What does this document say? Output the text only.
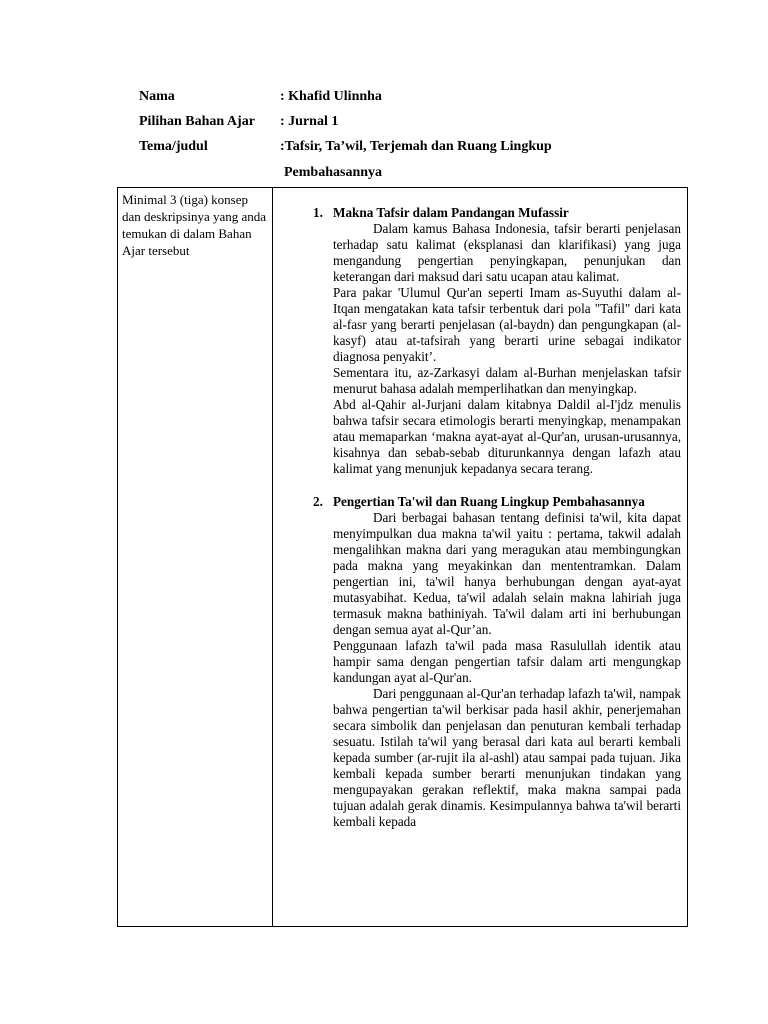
Nama	: Khafid Ulinnha
Pilihan Bahan Ajar : Jurnal 1
Tema/judul	:Tafsir, Ta’wil, Terjemah dan Ruang Lingkup
Pembahasannya
Minimal 3 (tiga) konsep dan deskripsinya yang anda temukan di dalam Bahan Ajar tersebut
1. Makna Tafsir dalam Pandangan Mufassir

Dalam kamus Bahasa Indonesia, tafsir berarti penjelasan terhadap satu kalimat (eksplanasi dan klarifikasi) yang juga mengandung pengertian penyingkapan, penunjukan dan keterangan dari maksud dari satu ucapan atau kalimat.

Para pakar 'Ulumul Qur'an seperti Imam as-Suyuthi dalam al-Itqan mengatakan kata tafsir terbentuk dari pola "Tafil" dari kata al-fasr yang berarti penjelasan (al-baydn) dan pengungkapan (al-kasyf) atau at-tafsirah yang berarti urine sebagai indikator diagnosa penyakit’.

Sementara itu, az-Zarkasyi dalam al-Burhan menjelaskan tafsir menurut bahasa adalah memperlihatkan dan menyingkap.

Abd al-Qahir al-Jurjani dalam kitabnya Daldil al-I'jdz menulis bahwa tafsir secara etimologis berarti menyingkap, menampakan atau memaparkan ‘makna ayat-ayat al-Qur'an, urusan-urusannya, kisahnya dan sebab-sebab diturunkannya dengan lafazh atau kalimat yang menunjuk kepadanya secara terang.

2. Pengertian Ta'wil dan Ruang Lingkup Pembahasannya

Dari berbagai bahasan tentang definisi ta'wil, kita dapat menyimpulkan dua makna ta'wil yaitu : pertama, takwil adalah mengalihkan makna dari yang meragukan atau membingungkan pada makna yang meyakinkan dan mententramkan. Dalam pengertian ini, ta'wil hanya berhubungan dengan ayat-ayat mutasyabihat. Kedua, ta'wil adalah selain makna lahiriah juga termasuk makna bathiniyah. Ta'wil dalam arti ini berhubungan dengan semua ayat al-Qur’an.

Penggunaan lafazh ta'wil pada masa Rasulullah identik atau hampir sama dengan pengertian tafsir dalam arti mengungkap kandungan ayat al-Qur'an.

Dari penggunaan al-Qur'an terhadap lafazh ta'wil, nampak bahwa pengertian ta'wil berkisar pada hasil akhir, penerjemahan secara simbolik dan penjelasan dan penuturan kembali terhadap sesuatu. Istilah ta'wil yang berasal dari kata aul berarti kembali kepada sumber (ar-rujit ila al-ashl) atau sampai pada tujuan. Jika kembali kepada sumber berarti menunjukan tindakan yang mengupayakan gerakan reflektif, maka makna sampai pada tujuan adalah gerak dinamis. Kesimpulannya bahwa ta'wil berarti kembali kepada
